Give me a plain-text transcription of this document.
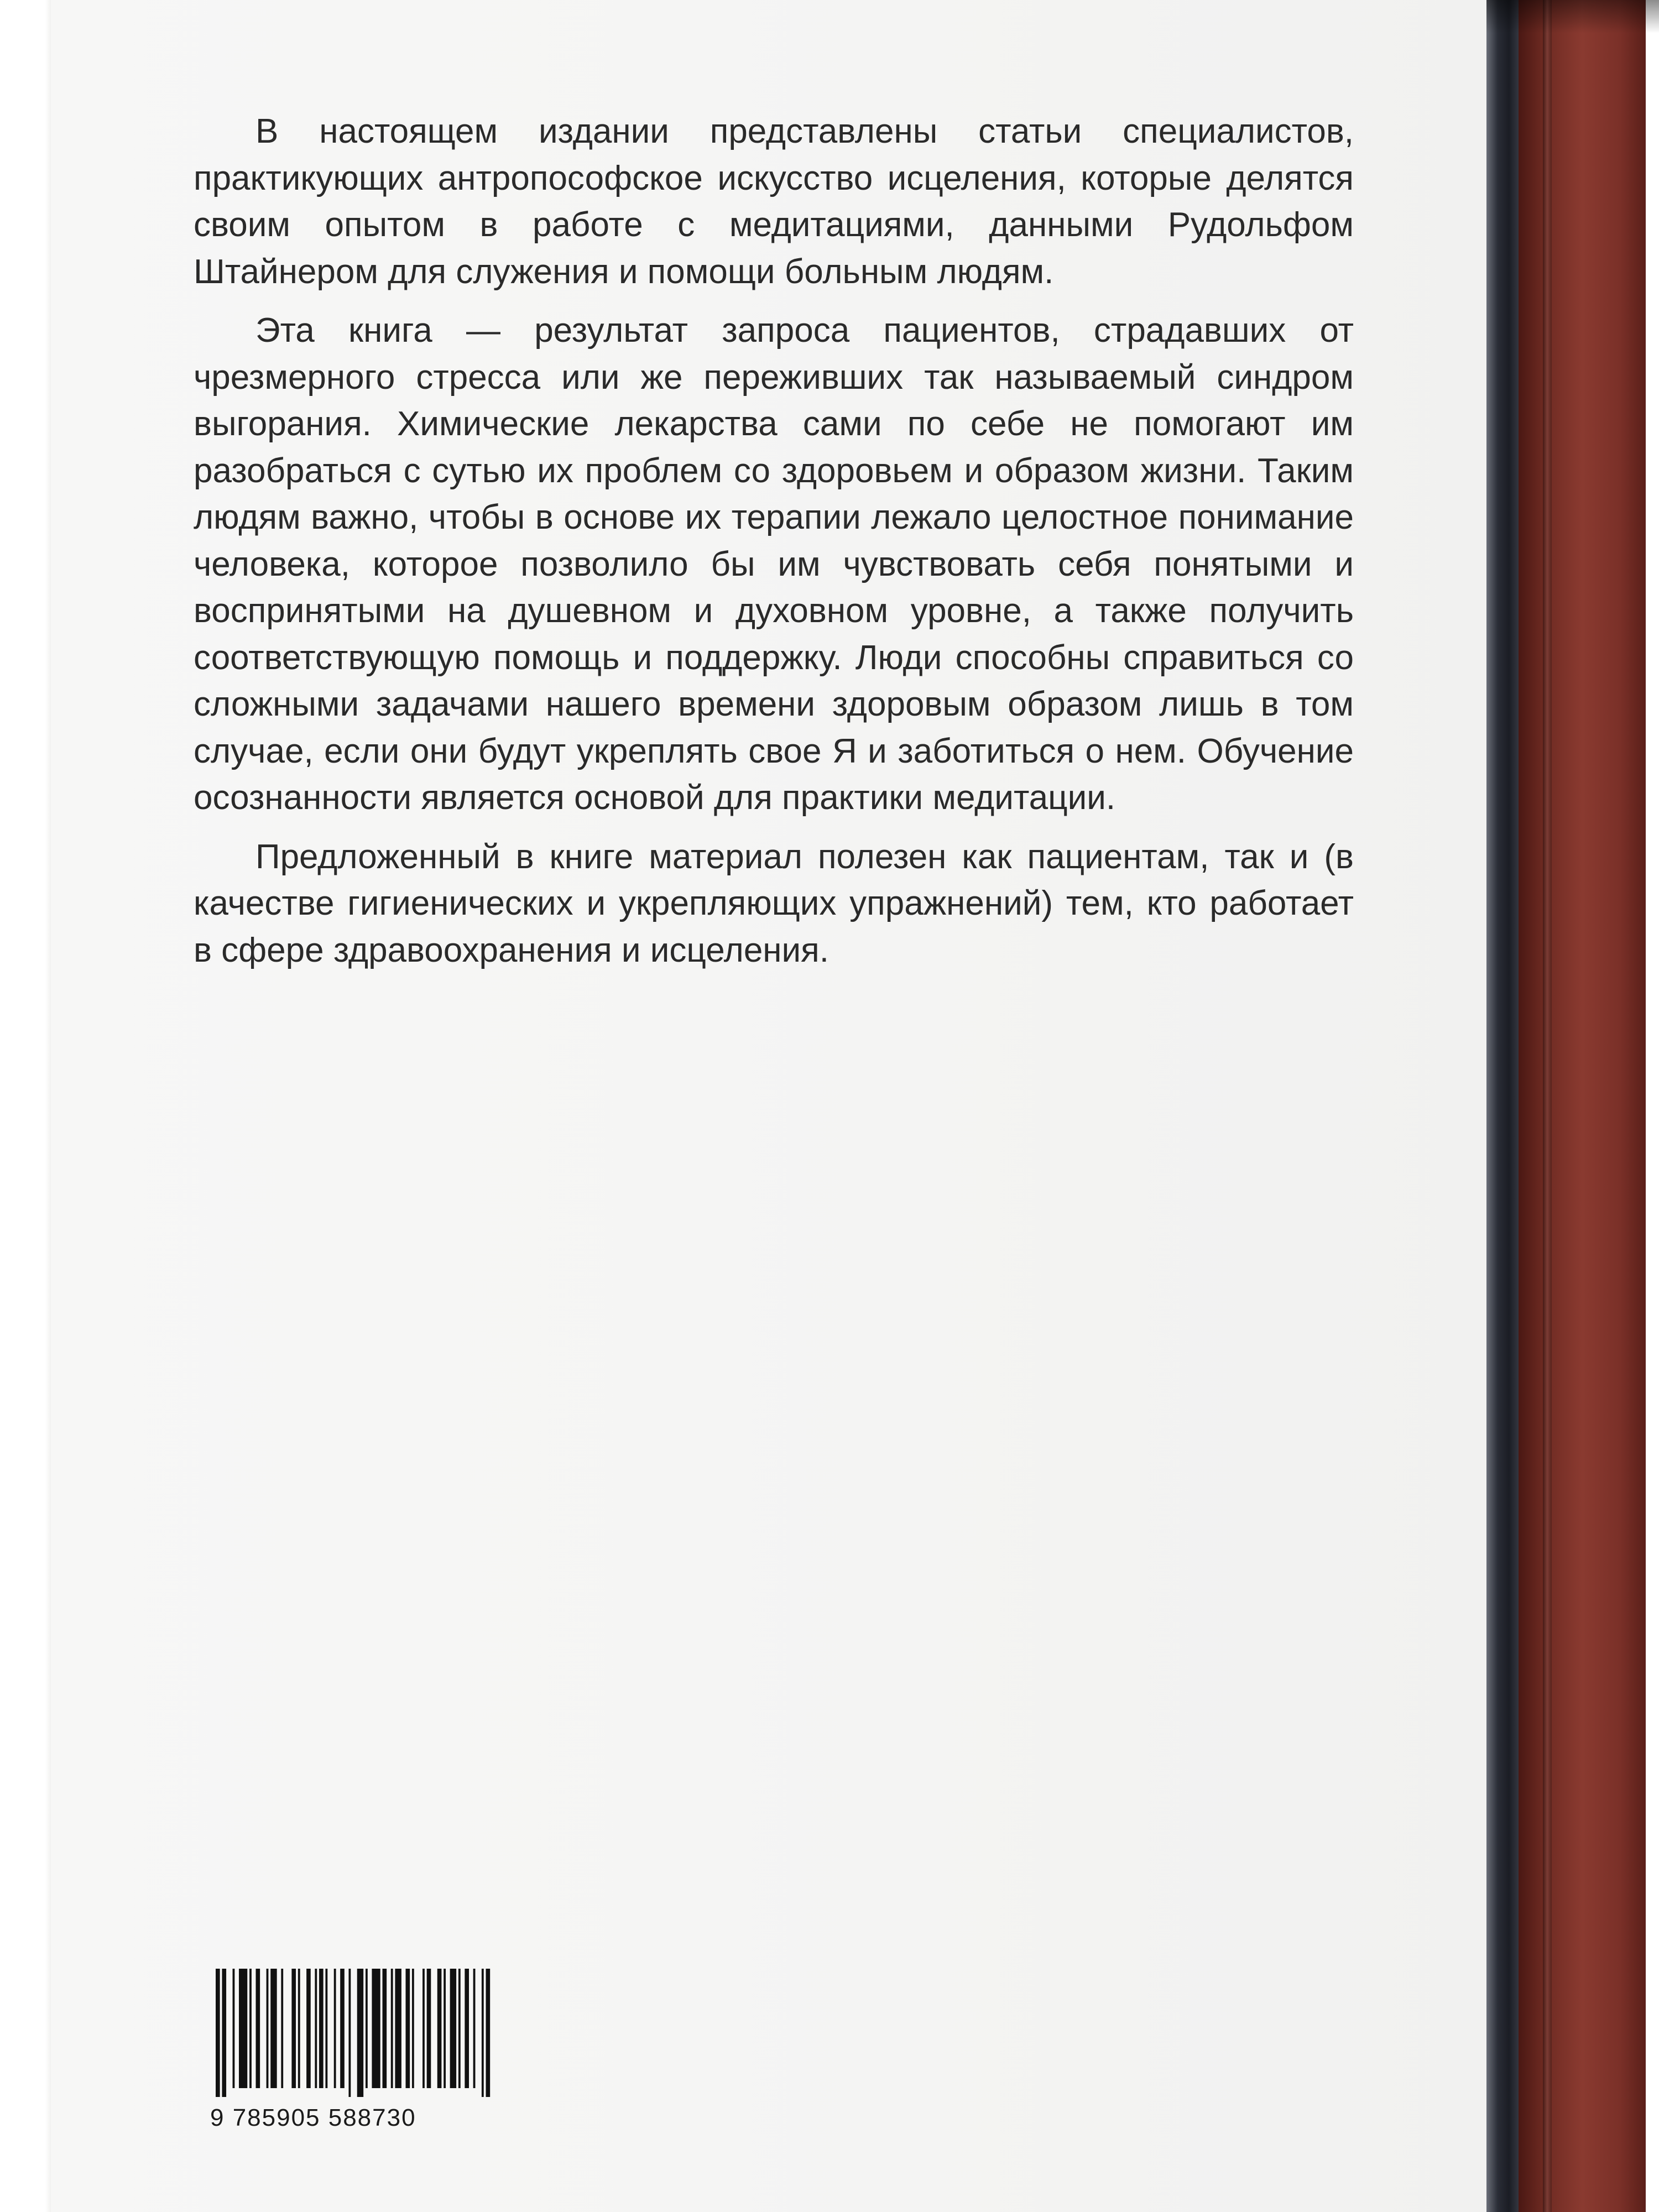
В настоящем издании представлены статьи специалистов, практикующих антропософское искусство исцеления, которые делятся своим опытом в работе с медитациями, данными Рудольфом Штайнером для служения и помощи больным людям.

Эта книга — результат запроса пациентов, страдавших от чрезмерного стресса или же переживших так называемый синдром выгорания. Химические лекарства сами по себе не помогают им разобраться с сутью их проблем со здоровьем и образом жизни. Таким людям важно, чтобы в основе их терапии лежало целостное понимание человека, которое позволило бы им чувствовать себя понятыми и воспринятыми на душевном и духовном уровне, а также получить соответствующую помощь и поддержку. Люди способны справиться со сложными задачами нашего времени здоровым образом лишь в том случае, если они будут укреплять свое Я и заботиться о нем. Обучение осознанности является основой для практики медитации.

Предложенный в книге материал полезен как пациентам, так и (в качестве гигиенических и укрепляющих упражнений) тем, кто работает в сфере здравоохранения и исцеления.

9 785905 588730
